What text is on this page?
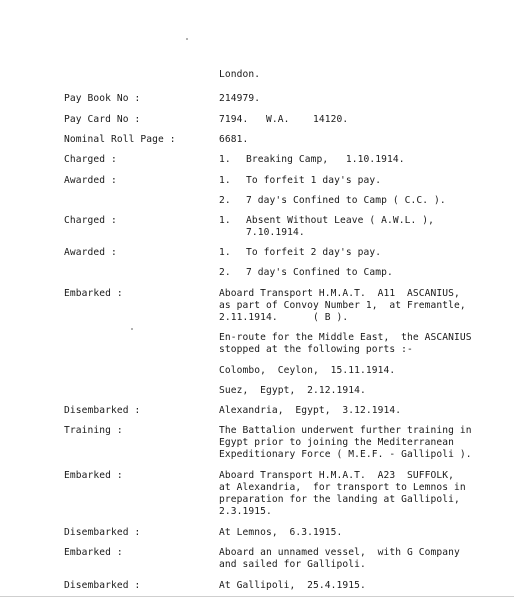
London.
Pay Book No :	214979.
Pay Card No :	7194.   W.A.    14120.
Nominal Roll Page :	6681.
Charged :	1. Breaking Camp,   1.10.1914.
Awarded :	1. To forfeit 1 day's pay.
2. 7 day's Confined to Camp ( C.C. ).
Charged :	1. Absent Without Leave ( A.W.L. ),
7.10.1914.
Awarded :	1. To forfeit 2 day's pay.
2. 7 day's Confined to Camp.
Embarked :	Aboard Transport H.M.A.T.  A11  ASCANIUS,
as part of Convoy Number 1,  at Fremantle,
2.11.1914.      ( B ).
En-route for the Middle East,  the ASCANIUS
stopped at the following ports :-
Colombo,  Ceylon,  15.11.1914.
Suez,  Egypt,  2.12.1914.
Disembarked :	Alexandria,  Egypt,  3.12.1914.
Training :	The Battalion underwent further training in
Egypt prior to joining the Mediterranean
Expeditionary Force ( M.E.F. - Gallipoli ).
Embarked :	Aboard Transport H.M.A.T.  A23  SUFFOLK,
at Alexandria,  for transport to Lemnos in
preparation for the landing at Gallipoli,
2.3.1915.
Disembarked :	At Lemnos,  6.3.1915.
Embarked :	Aboard an unnamed vessel,  with G Company
and sailed for Gallipoli.
Disembarked :	At Gallipoli,  25.4.1915.
